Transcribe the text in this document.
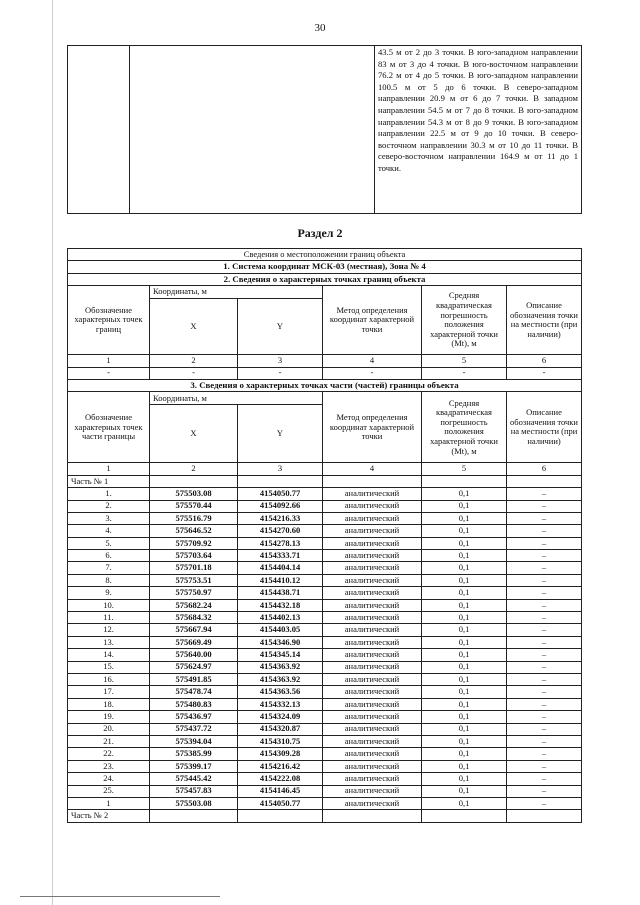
30
		43.5 м от 2 до 3 точки. В юго-западном направлении 83 м от 3 до 4 точки. В юго-восточном направлении 76.2 м от 4 до 5 точки. В юго-западном направлении 100.5 м от 5 до 6 точки. В северо-западном направлении 20.9 м от 6 до 7 точки. В западном направлении 54.5 м от 7 до 8 точки. В юго-западном направлении 54.3 м от 8 до 9 точки. В юго-западном направлении 22.5 м от 9 до 10 точки. В северо-восточном направлении 30.3 м от 10 до 11 точки. В северо-восточном направлении 164.9 м от 11 до 1 точки.
Раздел 2
Сведения о местоположении границ объекта					
1. Система координат МСК-03 (местная), Зона № 4					
2. Сведения о характерных точках границ объекта					
Обозначение характерных точек границ	Координаты, м		Метод определения координат характерной точки	Средняя квадратическая погрешность положения характерной точки (Mt), м	Описание обозначения точки на местности (при наличии)
	X	Y			
1	2	3	4	5	6
-	-	-	-	-	-
3. Сведения о характерных точках части (частей) границы объекта					
Обозначение характерных точек части границы	Координаты, м		Метод определения координат характерной точки	Средняя квадратическая погрешность положения характерной точки (Mt), м	Описание обозначения точки на местности (при наличии)
	X	Y			
1	2	3	4	5	6
Часть № 1					
1.	575503.08	4154050.77	аналитический	0,1	–
2.	575570.44	4154092.66	аналитический	0,1	–
3.	575516.79	4154216.33	аналитический	0,1	–
4.	575646.52	4154270.60	аналитический	0,1	–
5.	575709.92	4154278.13	аналитический	0,1	–
6.	575703.64	4154333.71	аналитический	0,1	–
7.	575701.18	4154404.14	аналитический	0,1	–
8.	575753.51	4154410.12	аналитический	0,1	–
9.	575750.97	4154438.71	аналитический	0,1	–
10.	575682.24	4154432.18	аналитический	0,1	–
11.	575684.32	4154402.13	аналитический	0,1	–
12.	575667.94	4154403.05	аналитический	0,1	–
13.	575669.49	4154346.90	аналитический	0,1	–
14.	575640.00	4154345.14	аналитический	0,1	–
15.	575624.97	4154363.92	аналитический	0,1	–
16.	575491.85	4154363.92	аналитический	0,1	–
17.	575478.74	4154363.56	аналитический	0,1	–
18.	575480.83	4154332.13	аналитический	0,1	–
19.	575436.97	4154324.09	аналитический	0,1	–
20.	575437.72	4154320.87	аналитический	0,1	–
21.	575394.04	4154310.75	аналитический	0,1	–
22.	575385.99	4154309.28	аналитический	0,1	–
23.	575399.17	4154216.42	аналитический	0,1	–
24.	575445.42	4154222.08	аналитический	0,1	–
25.	575457.83	4154146.45	аналитический	0,1	–
1	575503.08	4154050.77	аналитический	0,1	–
Часть № 2					
